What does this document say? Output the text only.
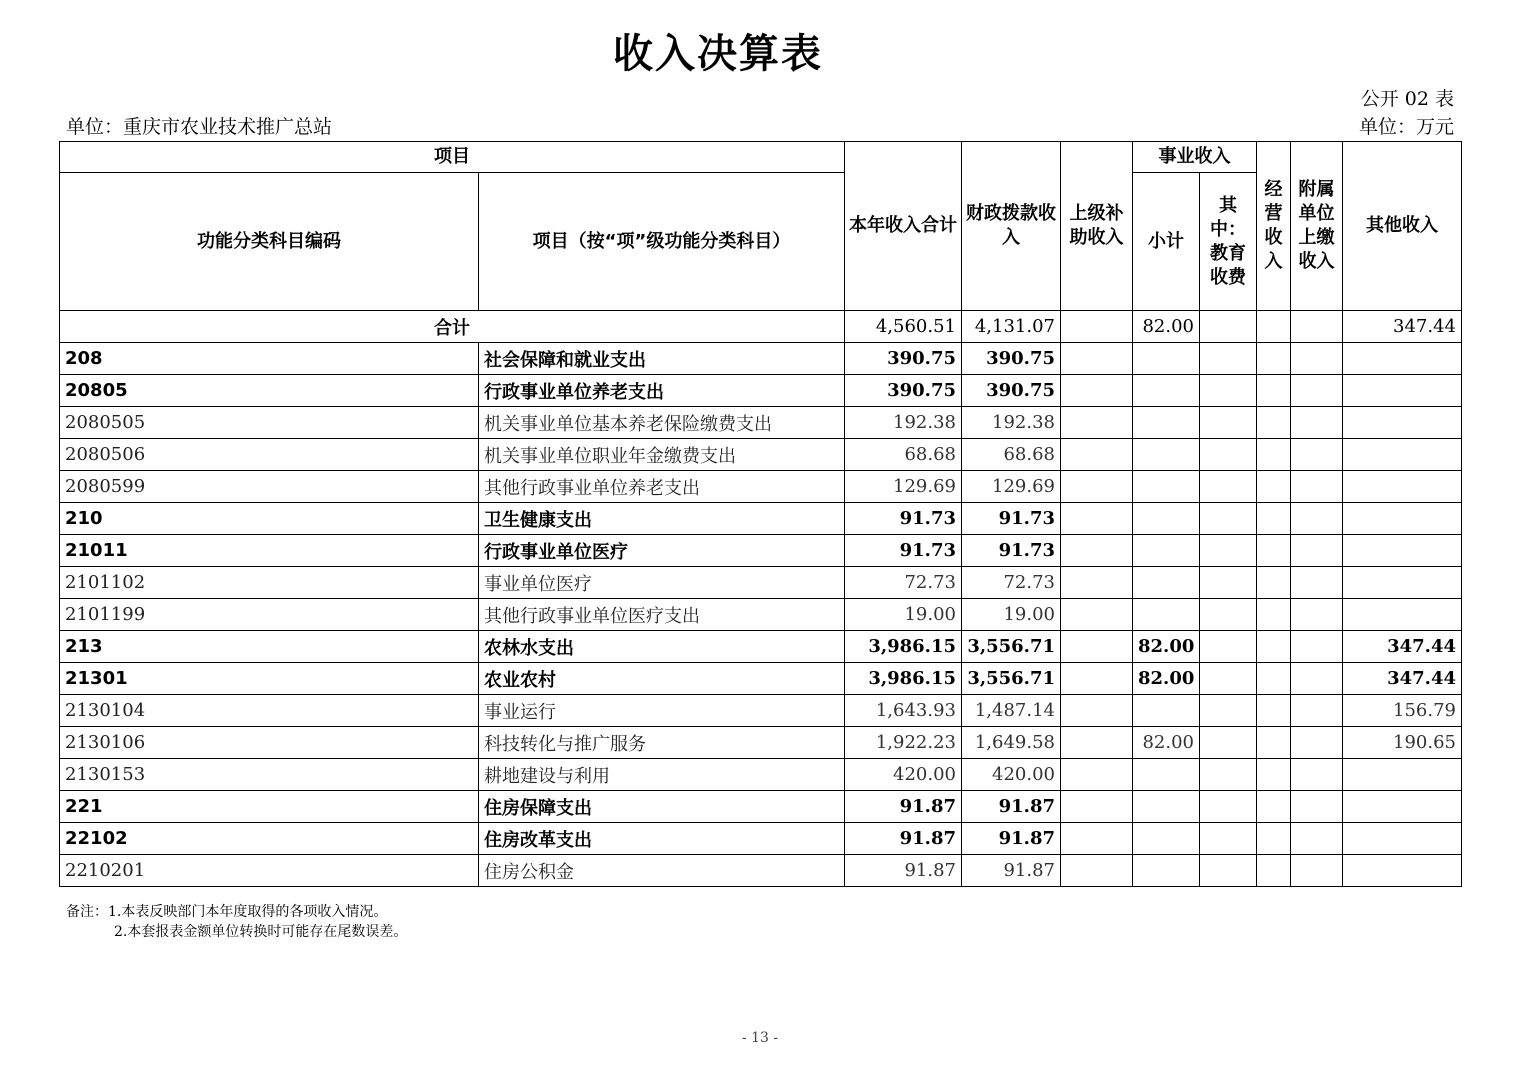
收入决算表
公开 02 表
单位：重庆市农业技术推广总站	单位：万元
项目		本年收入合计	财政拨款收入	上级补助收入	事业收入		经营收入	附属单位上缴收入	其他收入
功能分类科目编码	项目（按“项”级功能分类科目）				小计	其中：教育收费			
合计		4,560.51	4,131.07		82.00				347.44
208	社会保障和就业支出	390.75	390.75						
20805	行政事业单位养老支出	390.75	390.75						
2080505	机关事业单位基本养老保险缴费支出	192.38	192.38						
2080506	机关事业单位职业年金缴费支出	68.68	68.68						
2080599	其他行政事业单位养老支出	129.69	129.69						
210	卫生健康支出	91.73	91.73						
21011	行政事业单位医疗	91.73	91.73						
2101102	事业单位医疗	72.73	72.73						
2101199	其他行政事业单位医疗支出	19.00	19.00						
213	农林水支出	3,986.15	3,556.71		82.00				347.44
21301	农业农村	3,986.15	3,556.71		82.00				347.44
2130104	事业运行	1,643.93	1,487.14						156.79
2130106	科技转化与推广服务	1,922.23	1,649.58		82.00				190.65
2130153	耕地建设与利用	420.00	420.00						
221	住房保障支出	91.87	91.87						
22102	住房改革支出	91.87	91.87						
2210201	住房公积金	91.87	91.87						
备注：1.本表反映部门本年度取得的各项收入情况。
2.本套报表金额单位转换时可能存在尾数误差。
- 13 -
